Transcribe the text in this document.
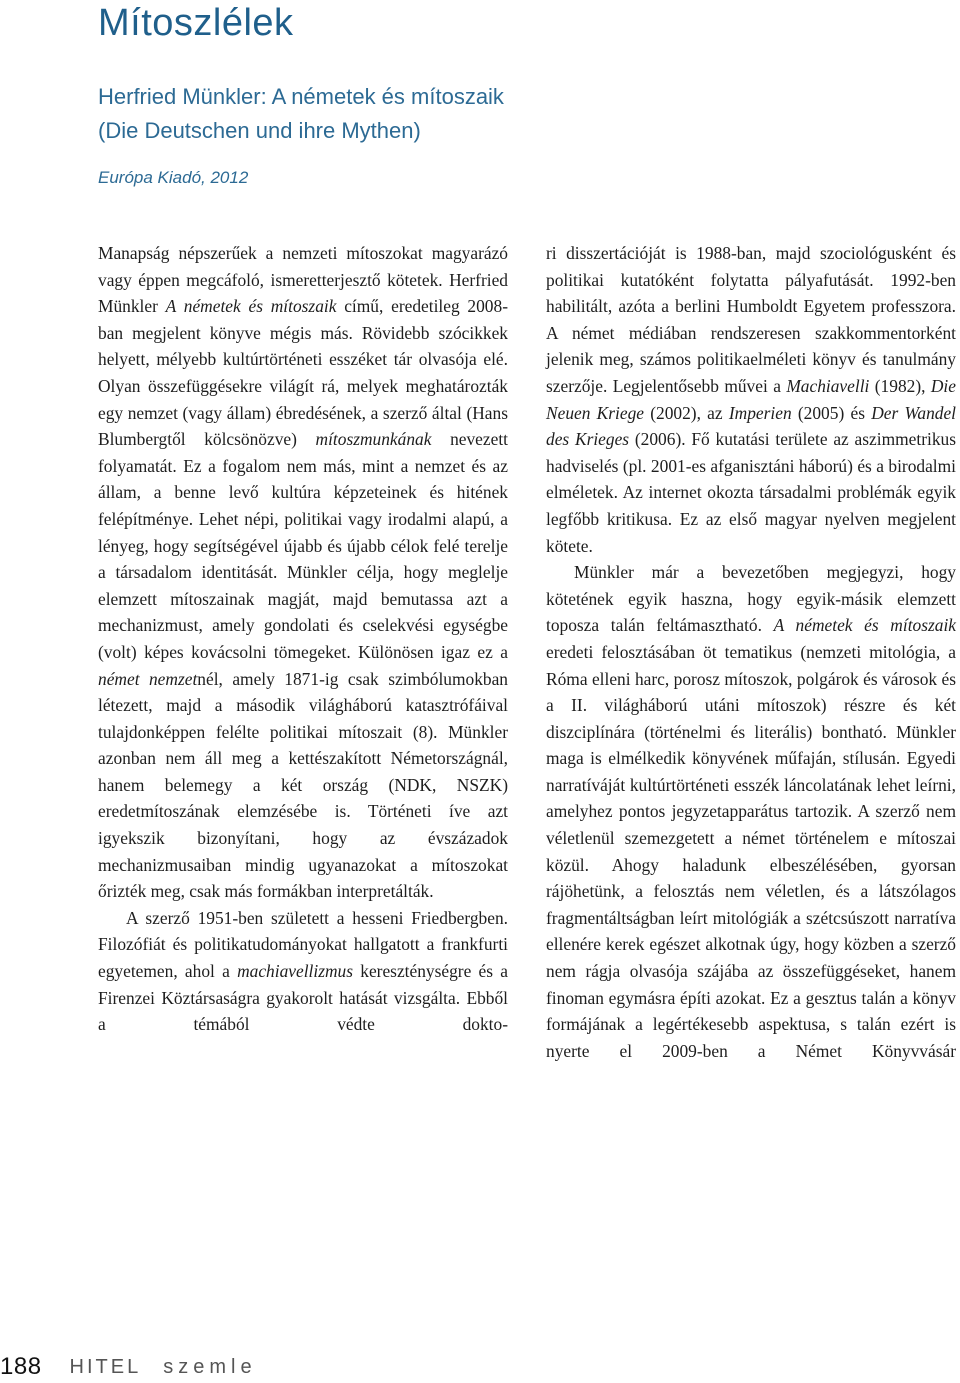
Mítoszlélek
Herfried Münkler: A németek és mítoszaik
(Die Deutschen und ihre Mythen)
Európa Kiadó, 2012

Manapság népszerűek a nemzeti mítoszokat magyarázó vagy éppen megcáfoló, ismeretterjesztő kötetek. Herfried Münkler A németek és mítoszaik című, eredetileg 2008-ban megjelent könyve mégis más. Rövidebb szócikkek helyett, mélyebb kultúrtörténeti esszéket tár olvasója elé. Olyan összefüggésekre világít rá, melyek meghatározták egy nemzet (vagy állam) ébredésének, a szerző által (Hans Blumbergtől kölcsönözve) mítoszmunkának nevezett folyamatát. Ez a fogalom nem más, mint a nemzet és az állam, a benne levő kultúra képzeteinek és hitének felépítménye. Lehet népi, politikai vagy irodalmi alapú, a lényeg, hogy segítségével újabb és újabb célok felé terelje a társadalom identitását. Münkler célja, hogy meglelje elemzett mítoszainak magját, majd bemutassa azt a mechanizmust, amely gondolati és cselekvési egységbe (volt) képes kovácsolni tömegeket. Különösen igaz ez a német nemzetnél, amely 1871-ig csak szimbólumokban létezett, majd a második világháború katasztrófáival tulajdonképpen felélte politikai mítoszait (8). Münkler azonban nem áll meg a kettészakított Németországnál, hanem belemegy a két ország (NDK, NSZK) eredetmítoszának elemzésébe is. Történeti íve azt igyekszik bizonyítani, hogy az évszázadok mechanizmusaiban mindig ugyanazokat a mítoszokat őrizték meg, csak más formákban interpretálták.

A szerző 1951-ben született a hesseni Friedbergben. Filozófiát és politikatudományokat hallgatott a frankfurti egyetemen, ahol a machiavellizmus kereszténységre és a Firenzei Köztársaságra gyakorolt hatását vizsgálta. Ebből a témából védte dokto-

ri disszertációját is 1988-ban, majd szociológusként és politikai kutatóként folytatta pályafutását. 1992-ben habilitált, azóta a berlini Humboldt Egyetem professzora. A német médiában rendszeresen szakkommentorként jelenik meg, számos politikaelméleti könyv és tanulmány szerzője. Legjelentősebb művei a Machiavelli (1982), Die Neuen Kriege (2002), az Imperien (2005) és Der Wandel des Krieges (2006). Fő kutatási területe az aszimmetrikus hadviselés (pl. 2001-es afganisztáni háború) és a birodalmi elméletek. Az internet okozta társadalmi problémák egyik legfőbb kritikusa. Ez az első magyar nyelven megjelent kötete.

Münkler már a bevezetőben megjegyzi, hogy kötetének egyik haszna, hogy egyik-másik elemzett toposza talán feltámasztható. A németek és mítoszaik eredeti felosztásában öt tematikus (nemzeti mitológia, a Róma elleni harc, porosz mítoszok, polgárok és városok és a II. világháború utáni mítoszok) részre és két diszciplínára (történelmi és literális) bontható. Münkler maga is elmélkedik könyvének műfaján, stílusán. Egyedi narratíváját kultúrtörténeti esszék láncolatának lehet leírni, amelyhez pontos jegyzetapparátus tartozik. A szerző nem véletlenül szemezgetett a német történelem e mítoszai közül. Ahogy haladunk elbeszélésében, gyorsan rájöhetünk, a felosztás nem véletlen, és a látszólagos fragmentáltságban leírt mitológiák a szétcsúszott narratíva ellenére kerek egészet alkotnak úgy, hogy közben a szerző nem rágja olvasója szájába az összefüggéseket, hanem finoman egymásra építi azokat. Ez a gesztus talán a könyv formájának a legértékesebb aspektusa, s talán ezért is nyerte el 2009-ben a Német Könyvvásár

188 HITEL szemle
